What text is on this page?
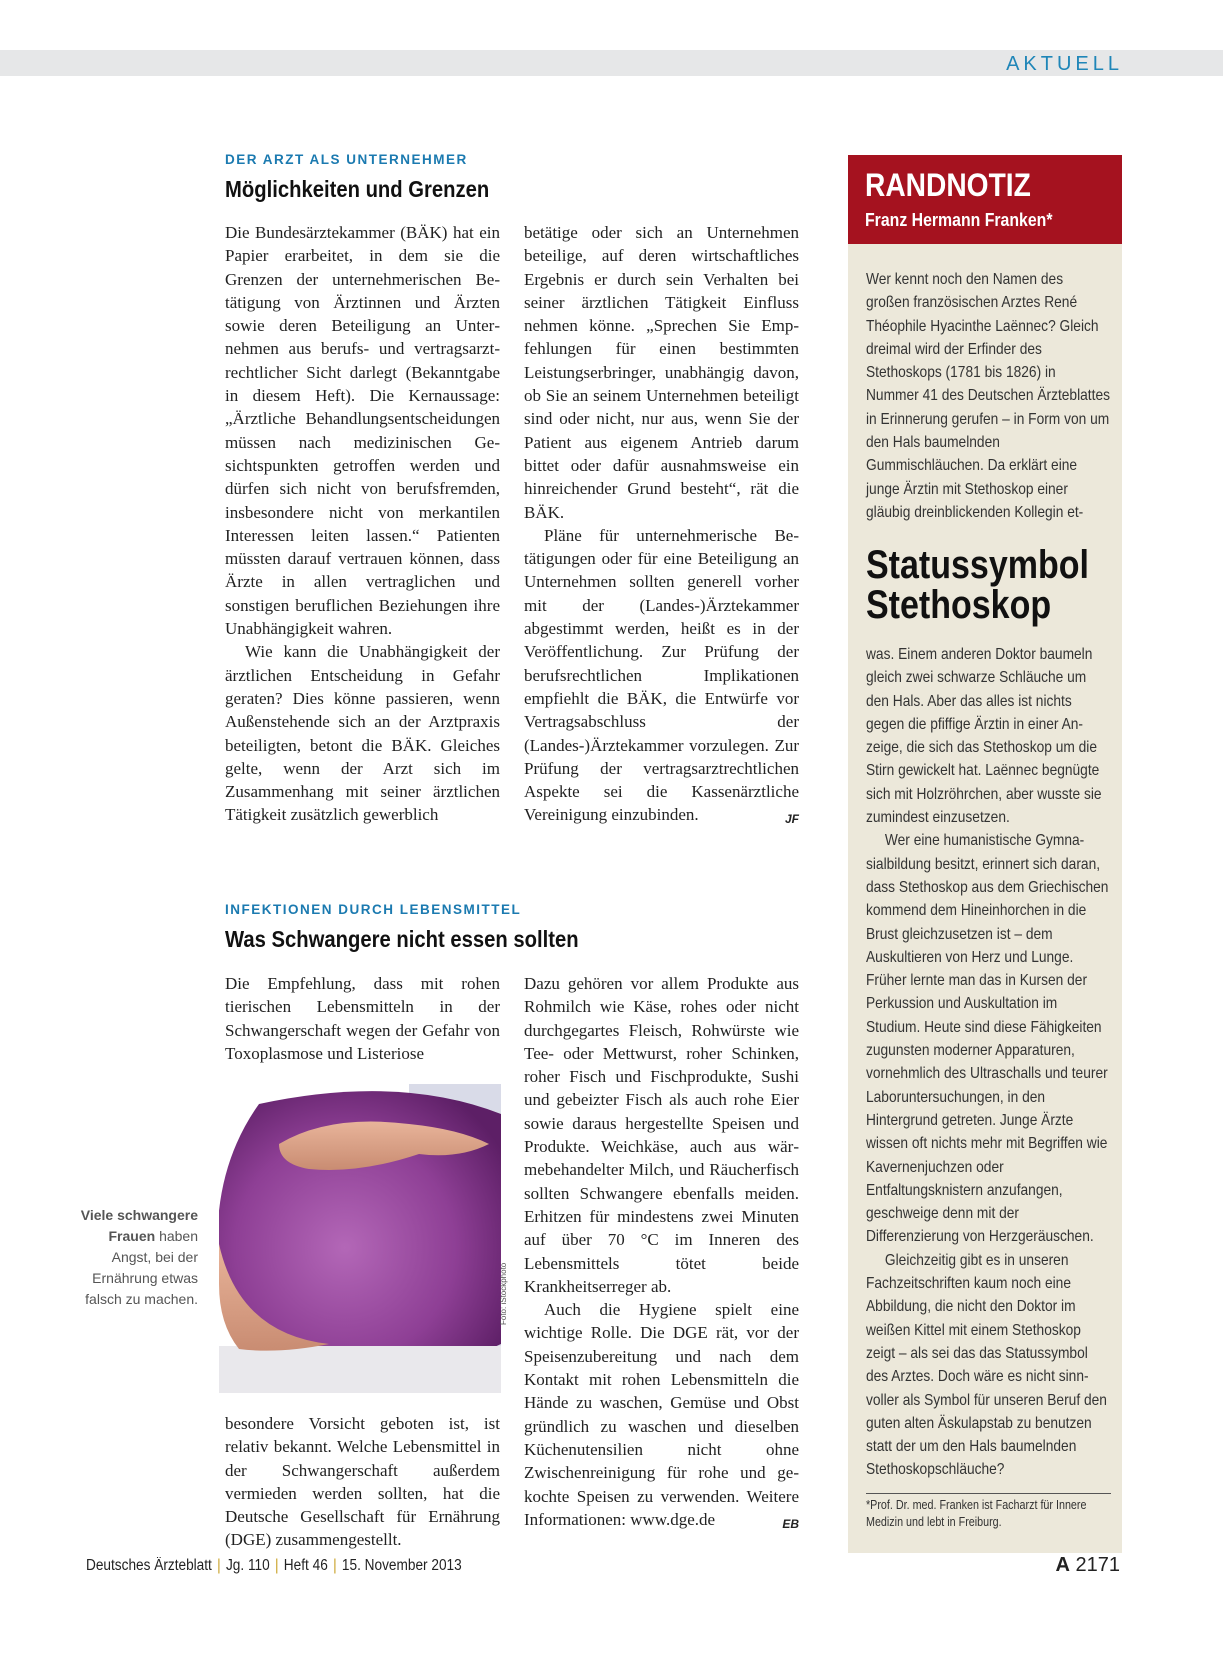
AKTUELL
DER ARZT ALS UNTERNEHMER
Möglichkeiten und Grenzen

Die Bundesärztekammer (BÄK) hat ein Papier erarbeitet, in dem sie die Grenzen der unternehmerischen Betätigung von Ärztinnen und Ärzten sowie deren Beteiligung an Unternehmen aus berufs- und vertragsarztrechtlicher Sicht darlegt (Bekanntgabe in diesem Heft). Die Kernaussage: „Ärztliche Behandlungsentscheidungen müssen nach medizinischen Gesichtspunkten getroffen werden und dürfen sich nicht von berufsfremden, insbesondere nicht von merkantilen Interessen leiten lassen.“ Patienten müssten darauf vertrauen können, dass Ärzte in allen vertraglichen und sonstigen beruflichen Beziehungen ihre Unabhängigkeit wahren.

Wie kann die Unabhängigkeit der ärztlichen Entscheidung in Gefahr geraten? Dies könne passieren, wenn Außenstehende sich an der Arztpraxis beteiligten, betont die BÄK. Gleiches gelte, wenn der Arzt sich im Zusammenhang mit seiner ärztlichen Tätigkeit zusätzlich gewerblich

betätige oder sich an Unternehmen beteilige, auf deren wirtschaftliches Ergebnis er durch sein Verhalten bei seiner ärztlichen Tätigkeit Einfluss nehmen könne. „Sprechen Sie Empfehlungen für einen bestimmten Leistungserbringer, unabhängig davon, ob Sie an seinem Unternehmen beteiligt sind oder nicht, nur aus, wenn Sie der Patient aus eigenem Antrieb darum bittet oder dafür ausnahmsweise ein hinreichender Grund besteht“, rät die BÄK.

Pläne für unternehmerische Betätigungen oder für eine Beteiligung an Unternehmen sollten generell vorher mit der (Landes-)Ärztekammer abgestimmt werden, heißt es in der Veröffentlichung. Zur Prüfung der berufsrechtlichen Implikationen empfiehlt die BÄK, die Entwürfe vor Vertragsabschluss der (Landes-)Ärztekammer vorzulegen. Zur Prüfung der vertragsarztrechtlichen Aspekte sei die Kassenärztliche Vereinigung einzubinden.	JF

INFEKTIONEN DURCH LEBENSMITTEL
Was Schwangere nicht essen sollten

Die Empfehlung, dass mit rohen tierischen Lebensmitteln in der Schwangerschaft wegen der Gefahr von Toxoplasmose und Listeriose

Foto: iStockphoto
Viele schwangere Frauen haben Angst, bei der Ernährung etwas falsch zu machen.

besondere Vorsicht geboten ist, ist relativ bekannt. Welche Lebensmittel in der Schwangerschaft außerdem vermieden werden sollten, hat die Deutsche Gesellschaft für Ernährung (DGE) zusammengestellt.

Dazu gehören vor allem Produkte aus Rohmilch wie Käse, rohes oder nicht durchgegartes Fleisch, Rohwürste wie Tee- oder Mettwurst, roher Schinken, roher Fisch und Fischprodukte, Sushi und gebeizter Fisch als auch rohe Eier sowie daraus hergestellte Speisen und Produkte. Weichkäse, auch aus wärmebehandelter Milch, und Räucherfisch sollten Schwangere ebenfalls meiden. Erhitzen für mindestens zwei Minuten auf über 70 °C im Inneren des Lebensmittels tötet beide Krankheitserreger ab.

Auch die Hygiene spielt eine wichtige Rolle. Die DGE rät, vor der Speisenzubereitung und nach dem Kontakt mit rohen Lebensmitteln die Hände zu waschen, Gemüse und Obst gründlich zu waschen und dieselben Küchenutensilien nicht ohne Zwischenreinigung für rohe und gekochte Speisen zu verwenden. Weitere Informationen: www.dge.de	EB

RANDNOTIZ
Franz Hermann Franken*

Wer kennt noch den Namen des großen französischen Arztes René Théophile Hyacinthe Laënnec? Gleich dreimal wird der Erfinder des Stethoskops (1781 bis 1826) in Nummer 41 des Deutschen Ärzteblattes in Erinnerung gerufen – in Form von um den Hals baumelnden Gummischläuchen. Da erklärt eine junge Ärztin mit Stethoskop einer gläubig dreinblickenden Kollegin et-

Statussymbol Stethoskop

was. Einem anderen Doktor baumeln gleich zwei schwarze Schläuche um den Hals. Aber das alles ist nichts gegen die pfiffige Ärztin in einer Anzeige, die sich das Stethoskop um die Stirn gewickelt hat. Laënnec begnügte sich mit Holzröhrchen, aber wusste sie zumindest einzusetzen.

Wer eine humanistische Gymnasialbildung besitzt, erinnert sich daran, dass Stethoskop aus dem Griechischen kommend dem Hineinhorchen in die Brust gleichzusetzen ist – dem Auskultieren von Herz und Lunge. Früher lernte man das in Kursen der Perkussion und Auskultation im Studium. Heute sind diese Fähigkeiten zugunsten moderner Apparaturen, vornehmlich des Ultraschalls und teurer Laboruntersuchungen, in den Hintergrund getreten. Junge Ärzte wissen oft nichts mehr mit Begriffen wie Kavernenjuchzen oder Entfaltungsknistern anzufangen, geschweige denn mit der Differenzierung von Herzgeräuschen.

Gleichzeitig gibt es in unseren Fachzeitschriften kaum noch eine Abbildung, die nicht den Doktor im weißen Kittel mit einem Stethoskop zeigt – als sei das das Statussymbol des Arztes. Doch wäre es nicht sinnvoller als Symbol für unseren Beruf den guten alten Äskulapstab zu benutzen statt der um den Hals baumelnden Stethoskopschläuche?

*Prof. Dr. med. Franken ist Facharzt für Innere Medizin und lebt in Freiburg.
Deutsches Ärzteblatt | Jg. 110 | Heft 46 | 15. November 2013	A 2171
